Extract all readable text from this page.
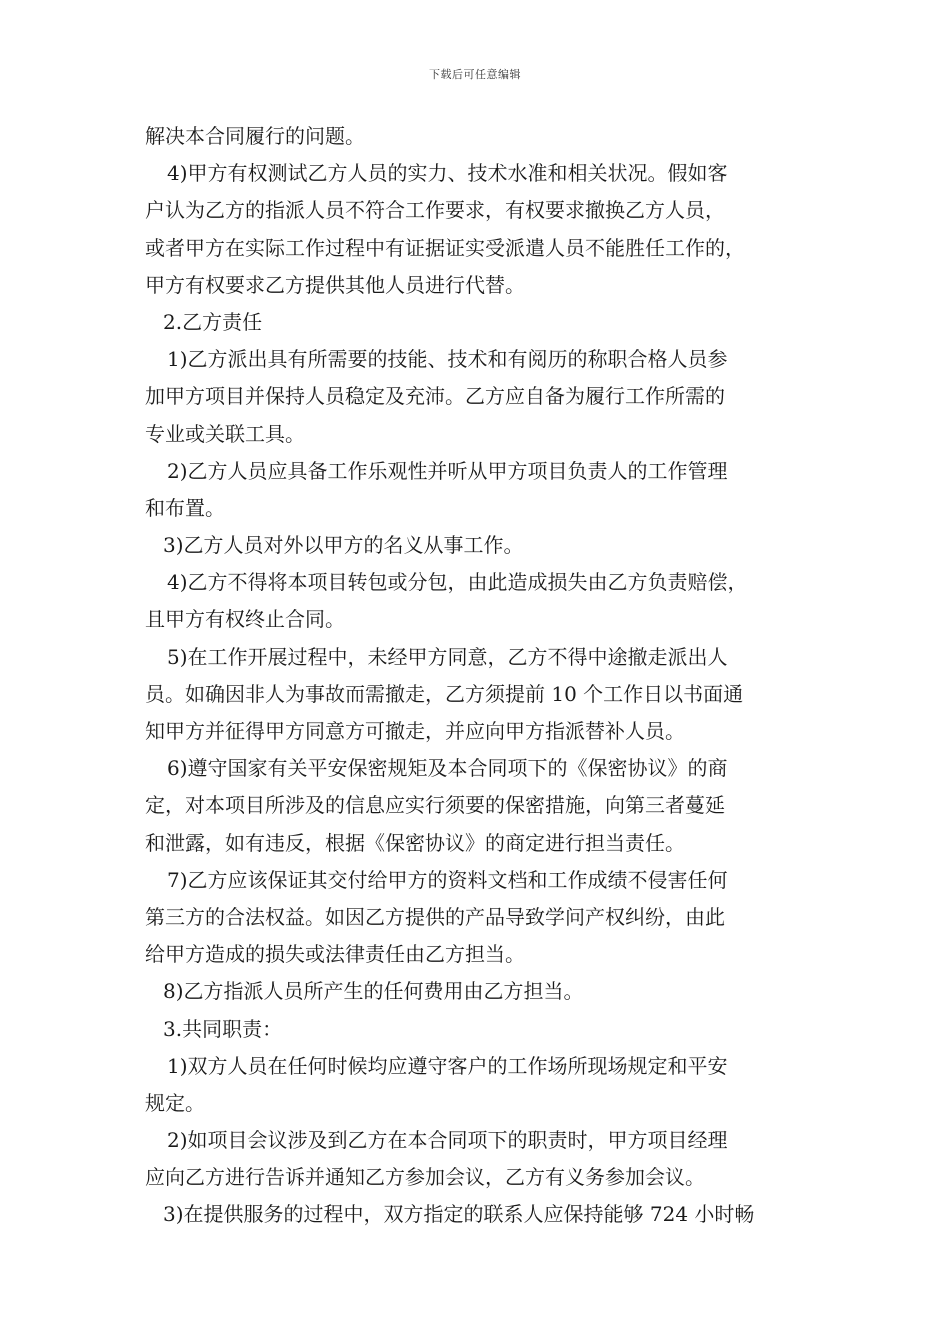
下载后可任意编辑
解决本合同履行的问题。
4)甲方有权测试乙方人员的实力、技术水准和相关状况。假如客
户认为乙方的指派人员不符合工作要求，有权要求撤换乙方人员，
或者甲方在实际工作过程中有证据证实受派遣人员不能胜任工作的，
甲方有权要求乙方提供其他人员进行代替。
2.乙方责任
1)乙方派出具有所需要的技能、技术和有阅历的称职合格人员参
加甲方项目并保持人员稳定及充沛。乙方应自备为履行工作所需的
专业或关联工具。
2)乙方人员应具备工作乐观性并听从甲方项目负责人的工作管理
和布置。
3)乙方人员对外以甲方的名义从事工作。
4)乙方不得将本项目转包或分包，由此造成损失由乙方负责赔偿，
且甲方有权终止合同。
5)在工作开展过程中，未经甲方同意，乙方不得中途撤走派出人
员。如确因非人为事故而需撤走，乙方须提前 10 个工作日以书面通
知甲方并征得甲方同意方可撤走，并应向甲方指派替补人员。
6)遵守国家有关平安保密规矩及本合同项下的《保密协议》的商
定，对本项目所涉及的信息应实行须要的保密措施，向第三者蔓延
和泄露，如有违反，根据《保密协议》的商定进行担当责任。
7)乙方应该保证其交付给甲方的资料文档和工作成绩不侵害任何
第三方的合法权益。如因乙方提供的产品导致学问产权纠纷，由此
给甲方造成的损失或法律责任由乙方担当。
8)乙方指派人员所产生的任何费用由乙方担当。
3.共同职责：
1)双方人员在任何时候均应遵守客户的工作场所现场规定和平安
规定。
2)如项目会议涉及到乙方在本合同项下的职责时，甲方项目经理
应向乙方进行告诉并通知乙方参加会议，乙方有义务参加会议。
3)在提供服务的过程中，双方指定的联系人应保持能够 724 小时畅
